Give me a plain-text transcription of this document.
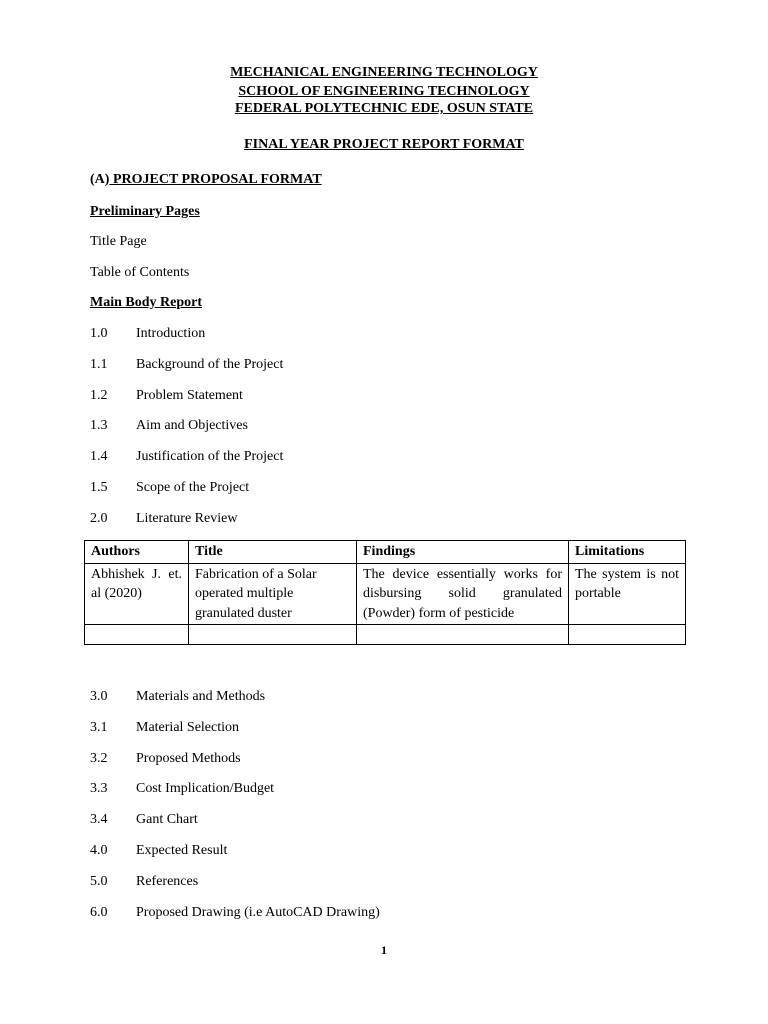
MECHANICAL ENGINEERING TECHNOLOGY
SCHOOL OF ENGINEERING TECHNOLOGY
FEDERAL POLYTECHNIC EDE, OSUN STATE
FINAL YEAR PROJECT REPORT FORMAT
(A) PROJECT PROPOSAL FORMAT
Preliminary Pages
Title Page
Table of Contents
Main Body Report
1.0 Introduction
1.1 Background of the Project
1.2 Problem Statement
1.3 Aim and Objectives
1.4 Justification of the Project
1.5 Scope of the Project
2.0 Literature Review
Authors	Title	Findings	Limitations
Abhishek J. et. al (2020)	Fabrication of a Solar operated multiple granulated duster	The device essentially works for disbursing solid granulated (Powder) form of pesticide	The system is not portable

3.0 Materials and Methods
3.1 Material Selection
3.2 Proposed Methods
3.3 Cost Implication/Budget
3.4 Gant Chart
4.0 Expected Result
5.0 References
6.0 Proposed Drawing (i.e AutoCAD Drawing)
1
